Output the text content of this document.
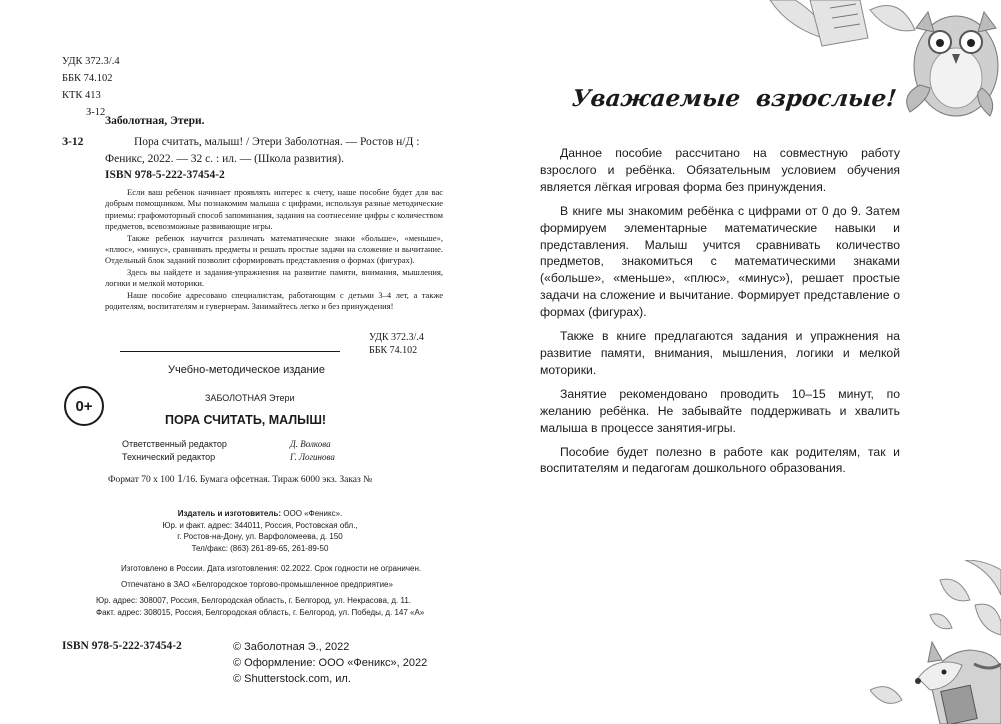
УДК 372.3/.4
ББК 74.102
КТК 413
З-12
Заболотная, Этери.
З-12	Пора считать, малыш! / Этери Заболотная. — Ростов н/Д :
Феникс, 2022. — 32 с. : ил. — (Школа развития).
ISBN 978-5-222-37454-2

Если ваш ребенок начинает проявлять интерес к счету, наше пособие будет для вас добрым помощником. Мы познакомим малыша с цифрами, используя разные методические приемы: графомоторный способ запоминания, задания на соотнесение цифры с количеством предметов, всевозможные развивающие игры.

Также ребенок научится различать математические знаки «больше», «меньше», «плюс», «минус», сравнивать предметы и решать простые задачи на сложение и вычитание. Отдельный блок заданий позволит сформировать представления о формах (фигурах).

Здесь вы найдете и задания-упражнения на развитие памяти, внимания, мышления, логики и мелкой моторики.

Наше пособие адресовано специалистам, работающим с детьми 3–4 лет, а также родителям, воспитателям и гувернерам. Занимайтесь легко и без принуждения!

УДК 372.3/.4
ББК 74.102
Учебно-методическое издание
0+	ЗАБОЛОТНАЯ Этери
ПОРА СЧИТАТЬ, МАЛЫШ!
Ответственный редактор	Д. Волкова
Технический редактор	Г. Логинова
Формат 70 х 100 1/16. Бумага офсетная. Тираж 6000 экз. Заказ №
Издатель и изготовитель: ООО «Феникс».
Юр. и факт. адрес: 344011, Россия, Ростовская обл.,
г. Ростов-на-Дону, ул. Варфоломеева, д. 150
Тел/факс: (863) 261-89-65, 261-89-50
Изготовлено в России. Дата изготовления: 02.2022. Срок годности не ограничен.
Отпечатано в ЗАО «Белгородское торгово-промышленное предприятие»
Юр. адрес: 308007, Россия, Белгородская область, г. Белгород, ул. Некрасова, д. 11.
Факт. адрес: 308015, Россия, Белгородская область, г. Белгород, ул. Победы, д. 147 «А»
ISBN 978-5-222-37454-2	© Заболотная Э., 2022
© Оформление: ООО «Феникс», 2022
© Shutterstock.com, ил.
Уважаемые  взрослые!

Данное пособие рассчитано на совместную работу взрослого и ребёнка. Обязательным условием обучения является лёгкая игровая форма без принуждения.

В книге мы знакомим ребёнка с цифрами от 0 до 9. Затем формируем элементарные математические навыки и представления. Малыш учится сравнивать количество предметов, знакомиться с математическими знаками («больше», «меньше», «плюс», «минус»), решает простые задачи на сложение и вычитание. Формирует представление о формах (фигурах).

Также в книге предлагаются задания и упражнения на развитие памяти, внимания, мышления, логики и мелкой моторики.

Занятие рекомендовано проводить 10–15 минут, по желанию ребёнка. Не забывайте поддерживать и хвалить малыша в процессе занятия-игры.

Пособие будет полезно в работе как родителям, так и воспитателям и педагогам дошкольного образования.
